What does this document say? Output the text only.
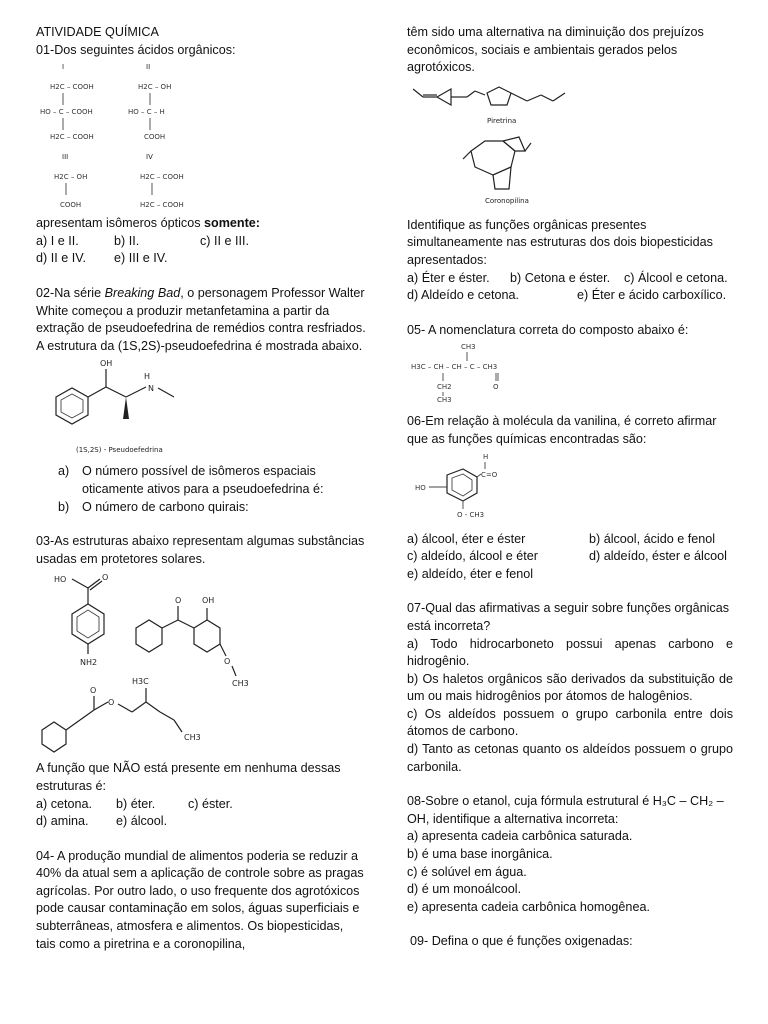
ATIVIDADE QUÍMICA

01-Dos seguintes ácidos orgânicos:

I	II
H2C – COOH
HO – C – COOH
H2C – COOH
H2C – OH
HO – C – H
COOH
III	IV
H2C – OH
COOH
H2C – COOH
H2C – COOH

apresentam isômeros ópticos somente:

a) I e II.	b) II.	c) II e III.
d) II e IV.	e) III e IV.

02-Na série Breaking Bad, o personagem Professor Walter White começou a produzir metanfetamina a partir da extração de pseudoefedrina de remédios contra resfriados. A estrutura da (1S,2S)-pseudoefedrina é mostrada abaixo.

OH
H
N
(1S,2S) - Pseudoefedrina
a)	O número possível de isômeros espaciais oticamente ativos para a pseudoefedrina é:
b)	O número de carbono quirais:

03-As estruturas abaixo representam algumas substâncias usadas em protetores solares.

HO	O
NH2
O	OH
O
CH3
O
O
H3C
CH3

A função que NÃO está presente em nenhuma dessas estruturas é:

a) cetona.	b) éter.	c) éster.
d) amina.	e) álcool.

04- A produção mundial de alimentos poderia se reduzir a 40% da atual sem a aplicação de controle sobre as pragas agrícolas. Por outro lado, o uso frequente dos agrotóxicos pode causar contaminação em solos, águas superficiais e subterrâneas, atmosfera e alimentos. Os biopesticidas, tais como a piretrina e a coronopilina,

têm sido uma alternativa na diminuição dos prejuízos econômicos, sociais e ambientais gerados pelos agrotóxicos.

Piretrina
Coronopilina

Identifique as funções orgânicas presentes simultaneamente nas estruturas dos dois biopesticidas apresentados:

a) Éter e éster.	b) Cetona e éster.	c) Álcool e cetona.
d) Aldeído e cetona.	e) Éter e ácido carboxílico.

05- A nomenclatura correta do composto abaixo é:

CH3
H3C – CH – CH – C – CH3
O
CH2
CH3

06-Em relação à molécula da vanilina, é correto afirmar que as funções químicas encontradas são:

H
C=O
HO
O - CH3
a) álcool, éter e éster	b) álcool, ácido e fenol
c) aldeído, álcool e éter	d) aldeído, éster e álcool

e) aldeído, éter e fenol

07-Qual das afirmativas a seguir sobre funções orgânicas está incorreta?

a) Todo hidrocarboneto possui apenas carbono e hidrogênio.

b) Os haletos orgânicos são derivados da substituição de um ou mais hidrogênios por átomos de halogênios.

c) Os aldeídos possuem o grupo carbonila entre dois átomos de carbono.

d) Tanto as cetonas quanto os aldeídos possuem o grupo carbonila.

08-Sobre o etanol, cuja fórmula estrutural é H₃C – CH₂ – OH, identifique a alternativa incorreta:

a) apresenta cadeia carbônica saturada.

b) é uma base inorgânica.

c) é solúvel em água.

d) é um monoálcool.

e) apresenta cadeia carbônica homogênea.

09- Defina o que é funções oxigenadas:
